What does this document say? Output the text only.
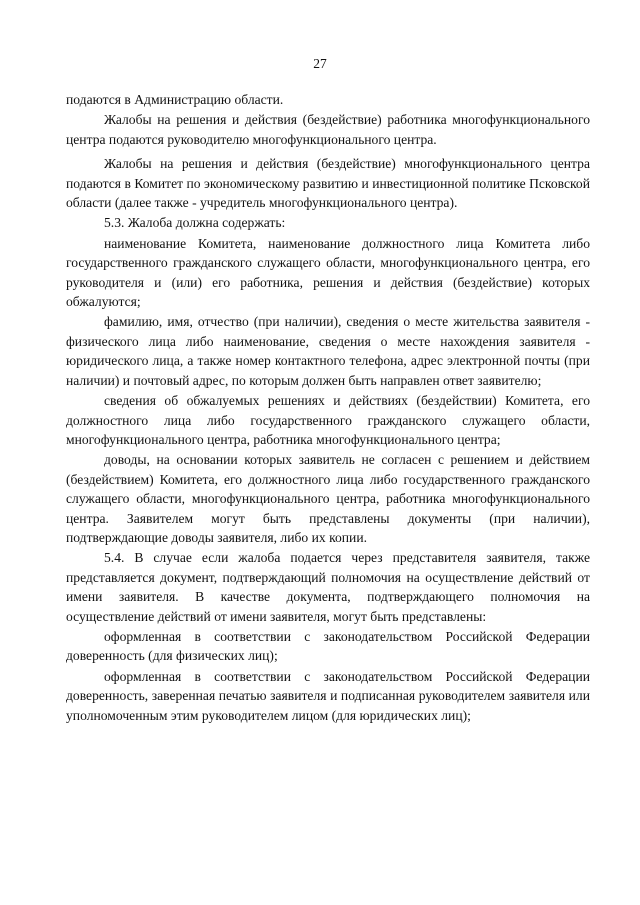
27

подаются в Администрацию области.

Жалобы на решения и действия (бездействие) работника многофункционального центра подаются руководителю многофункционального центра.

Жалобы на решения и действия (бездействие) многофункционального центра подаются в Комитет по экономическому развитию и инвестиционной политике Псковской области (далее также - учредитель многофункционального центра).

5.3. Жалоба должна содержать:

наименование Комитета, наименование должностного лица Комитета либо государственного гражданского служащего области, многофункционального центра, его руководителя и (или) его работника, решения и действия (бездействие) которых обжалуются;

фамилию, имя, отчество (при наличии), сведения о месте жительства заявителя - физического лица либо наименование, сведения о месте нахождения заявителя - юридического лица, а также номер контактного телефона, адрес электронной почты (при наличии) и почтовый адрес, по которым должен быть направлен ответ заявителю;

сведения об обжалуемых решениях и действиях (бездействии) Комитета, его должностного лица либо государственного гражданского служащего области, многофункционального центра, работника многофункционального центра;

доводы, на основании которых заявитель не согласен с решением и действием (бездействием) Комитета, его должностного лица либо государственного гражданского служащего области, многофункционального центра, работника многофункционального центра. Заявителем могут быть представлены документы (при наличии), подтверждающие доводы заявителя, либо их копии.

5.4. В случае если жалоба подается через представителя заявителя, также представляется документ, подтверждающий полномочия на осуществление действий от имени заявителя. В качестве документа, подтверждающего полномочия на осуществление действий от имени заявителя, могут быть представлены:

оформленная в соответствии с законодательством Российской Федерации доверенность (для физических лиц);

оформленная в соответствии с законодательством Российской Федерации доверенность, заверенная печатью заявителя и подписанная руководителем заявителя или уполномоченным этим руководителем лицом (для юридических лиц);
